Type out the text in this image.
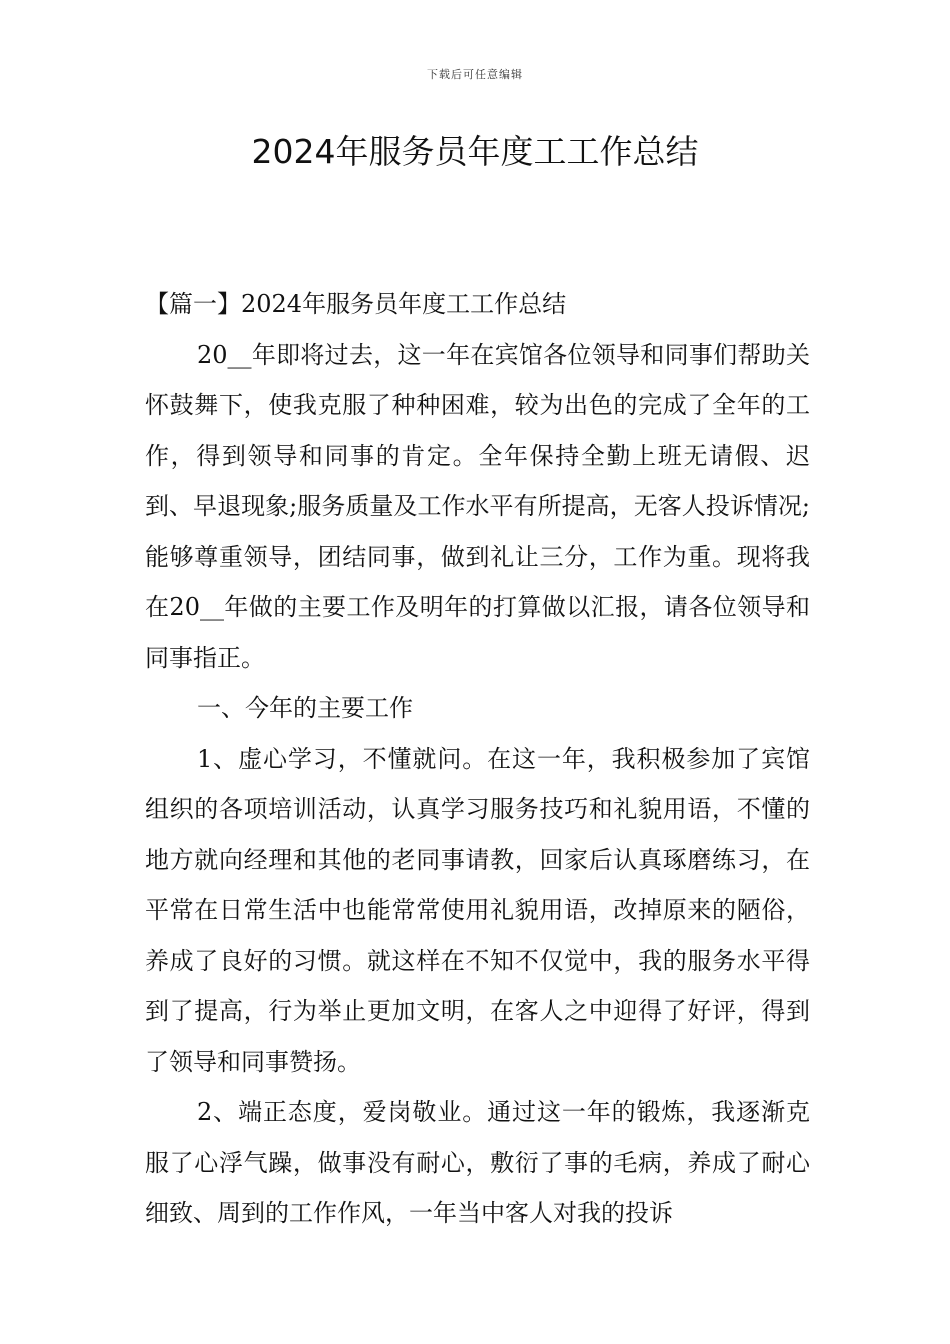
下载后可任意编辑
2024年服务员年度工工作总结

【篇一】2024年服务员年度工工作总结

20__年即将过去，这一年在宾馆各位领导和同事们帮助关怀鼓舞下，使我克服了种种困难，较为出色的完成了全年的工作，得到领导和同事的肯定。全年保持全勤上班无请假、迟到、早退现象;服务质量及工作水平有所提高，无客人投诉情况;能够尊重领导，团结同事，做到礼让三分，工作为重。现将我在20__年做的主要工作及明年的打算做以汇报，请各位领导和同事指正。

一、今年的主要工作

1、虚心学习，不懂就问。在这一年，我积极参加了宾馆组织的各项培训活动，认真学习服务技巧和礼貌用语，不懂的地方就向经理和其他的老同事请教，回家后认真琢磨练习，在平常在日常生活中也能常常使用礼貌用语，改掉原来的陋俗，养成了良好的习惯。就这样在不知不仅觉中，我的服务水平得到了提高，行为举止更加文明，在客人之中迎得了好评，得到了领导和同事赞扬。

2、端正态度，爱岗敬业。通过这一年的锻炼，我逐渐克服了心浮气躁，做事没有耐心，敷衍了事的毛病，养成了耐心细致、周到的工作作风，一年当中客人对我的投诉
